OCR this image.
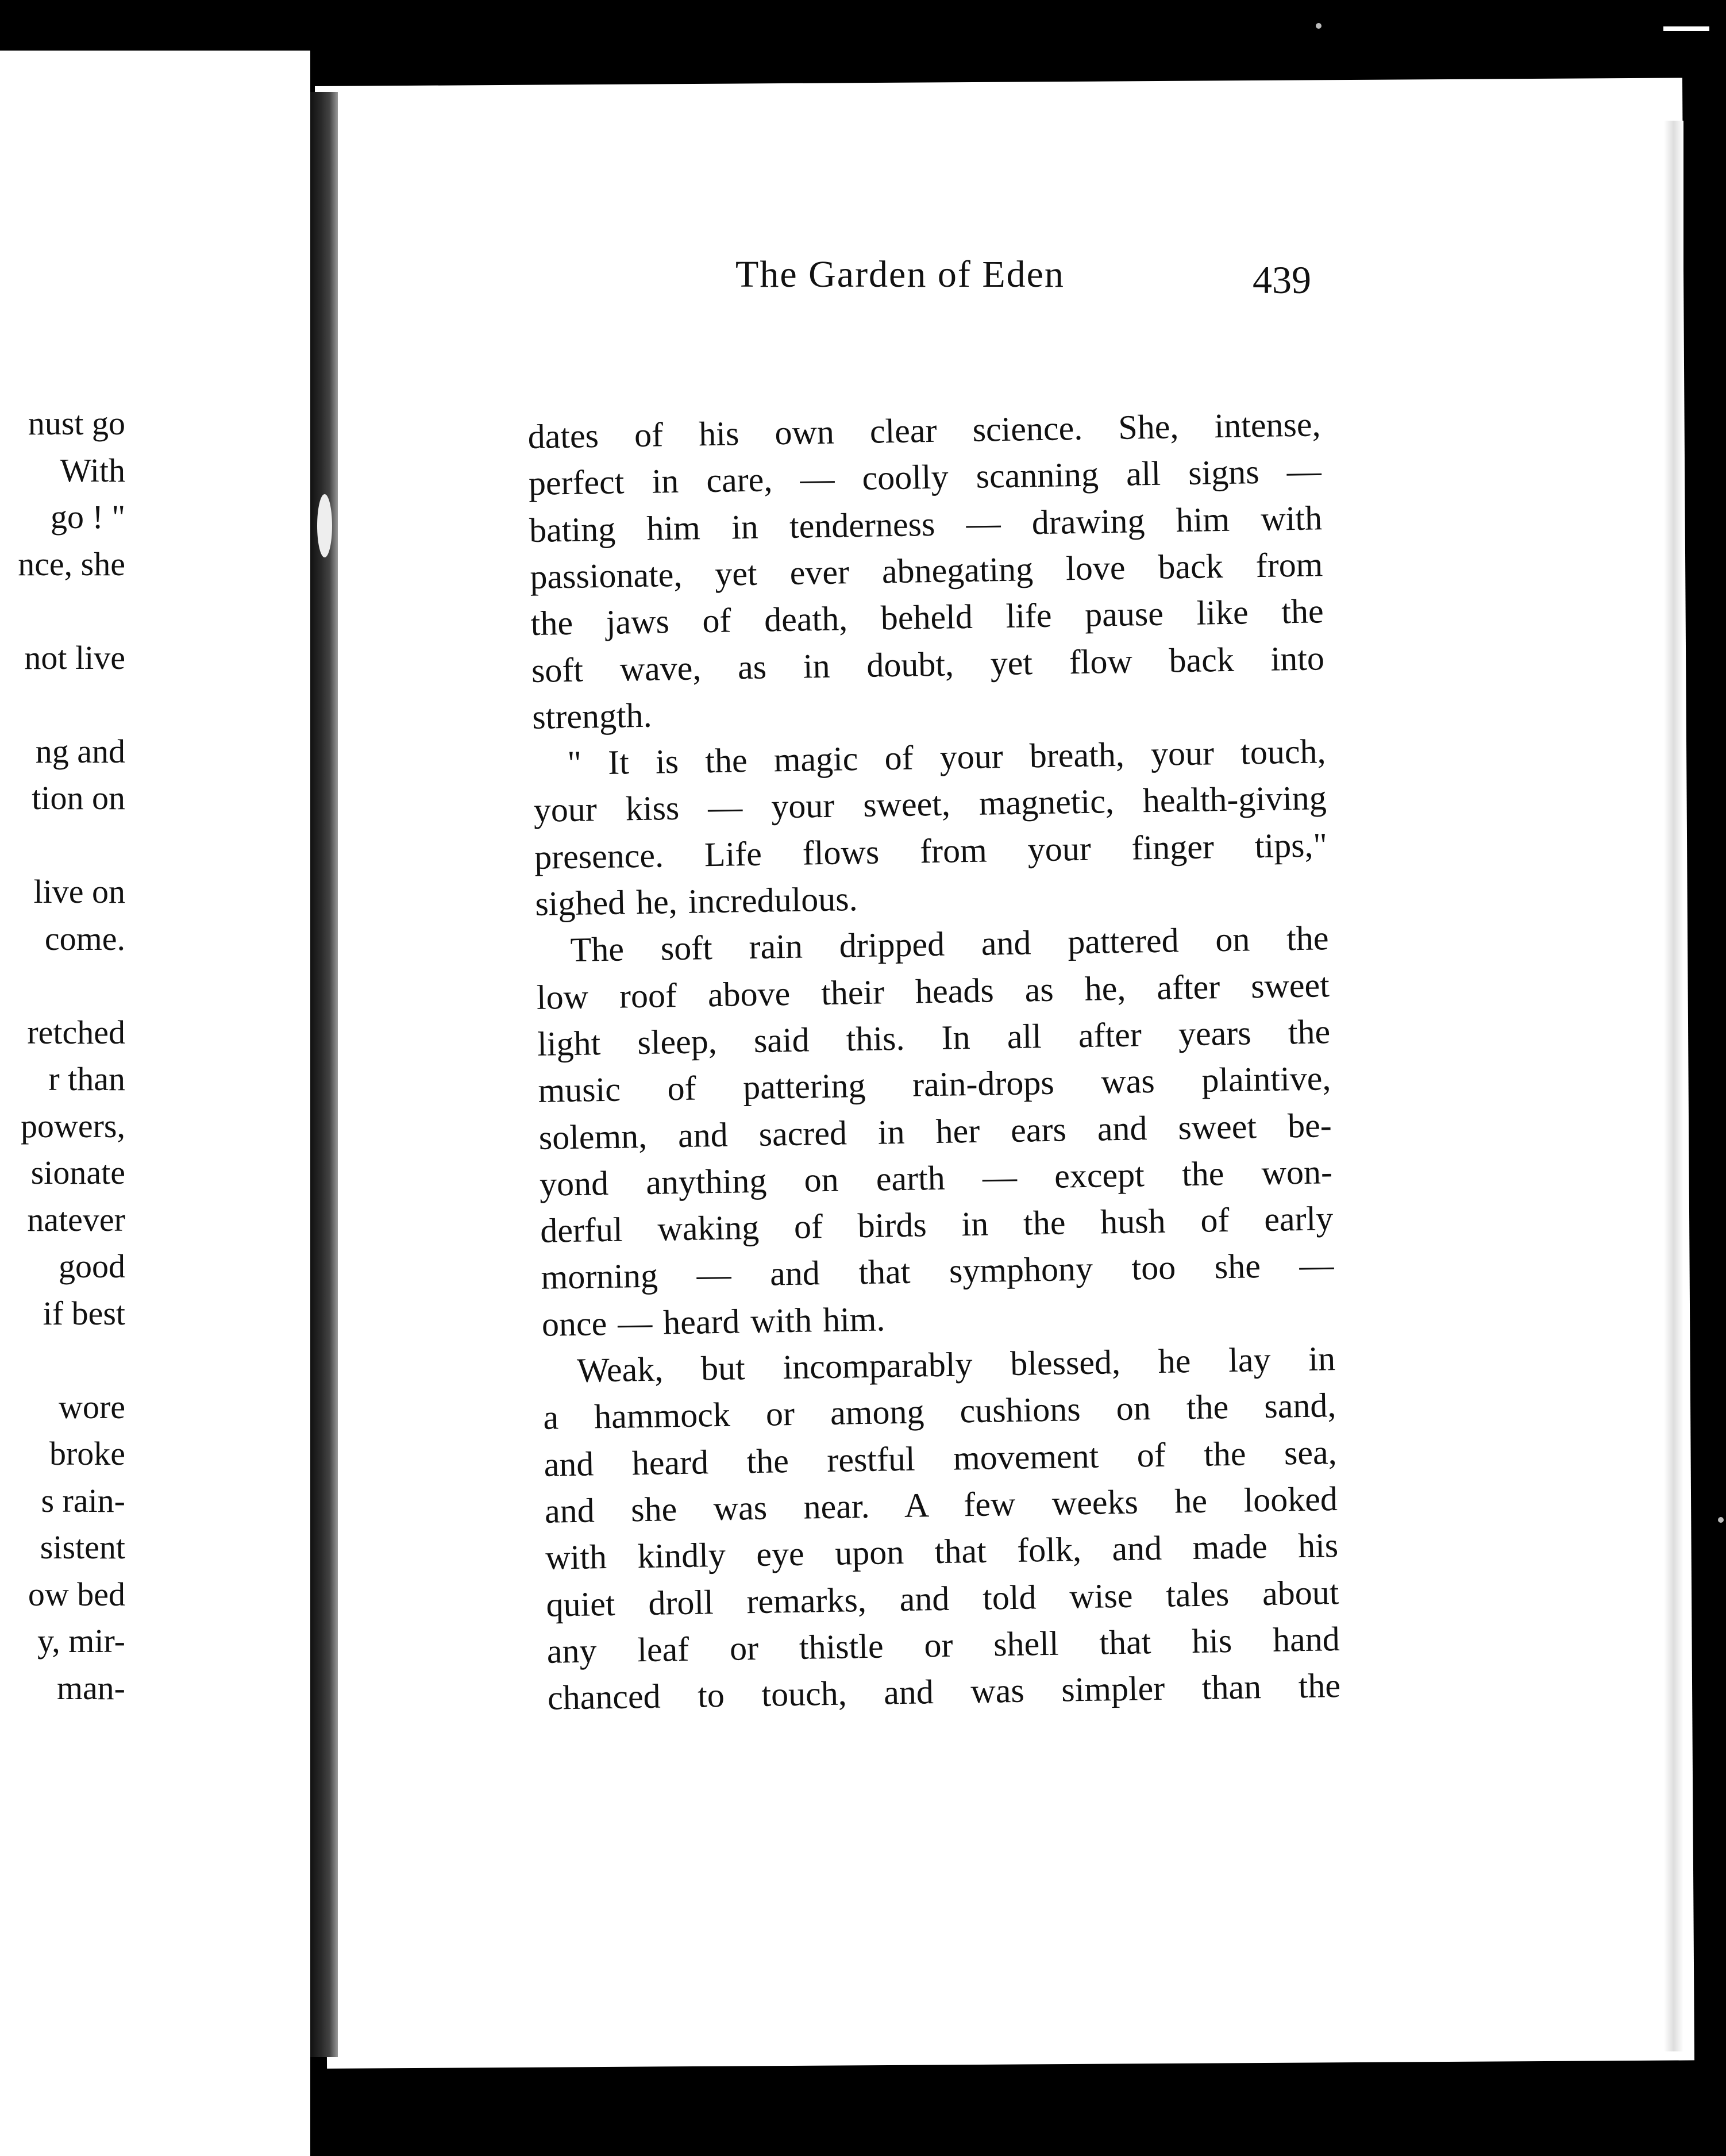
nust go
With
go ! "
nce, she
not live
ng and
tion on
live on
come.
retched
r than
powers,
sionate
natever
good
if best
wore
broke
s rain-
sistent
ow bed
y, mir-
man-
The Garden of Eden	439
dates of his own clear science. She, intense,
perfect in care, — coolly scanning all signs —
bating him in tenderness — drawing him with
passionate, yet ever abnegating love back from
the jaws of death, beheld life pause like the
soft wave, as in doubt, yet flow back into
strength.
" It is the magic of your breath, your touch,
your kiss — your sweet, magnetic, health-giving
presence. Life flows from your finger tips,"
sighed he, incredulous.
The soft rain dripped and pattered on the
low roof above their heads as he, after sweet
light sleep, said this. In all after years the
music of pattering rain-drops was plaintive,
solemn, and sacred in her ears and sweet be-
yond anything on earth — except the won-
derful waking of birds in the hush of early
morning — and that symphony too she —
once — heard with him.
Weak, but incomparably blessed, he lay in
a hammock or among cushions on the sand,
and heard the restful movement of the sea,
and she was near. A few weeks he looked
with kindly eye upon that folk, and made his
quiet droll remarks, and told wise tales about
any leaf or thistle or shell that his hand
chanced to touch, and was simpler than the
